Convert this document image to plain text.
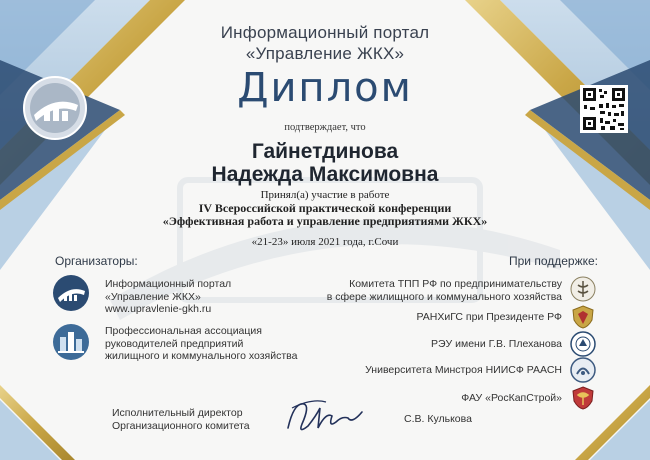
Информационный портал
«Управление ЖКХ»
Диплом
подтверждает, что
Гайнетдинова
Надежда Максимовна
Принял(а) участие в работе
IV Всероссийской практической конференции
«Эффективная работа и управление предприятиями ЖКХ»
«21-23» июля 2021 года, г.Сочи
Организаторы:
Информационный портал
«Управление ЖКХ»
www.upravlenie-gkh.ru
Профессиональная ассоциация
руководителей предприятий
жилищного и коммунального хозяйства
При поддержке:
Комитета ТПП РФ по предпринимательству
в сфере жилищного и коммунального хозяйства
РАНХиГС при Президенте РФ
РЭУ имени Г.В. Плеханова
Университета Минстроя НИИСФ РААСН
ФАУ «РосКапСтрой»
Исполнительный директор
Организационного комитета
С.В. Кулькова
